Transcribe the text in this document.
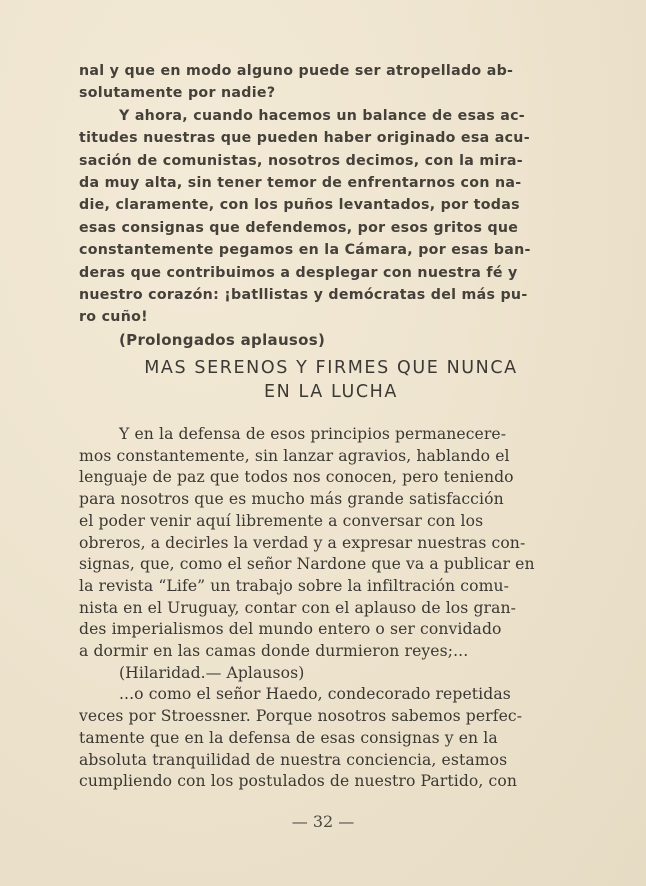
nal y que en modo alguno puede ser atropellado ab-
solutamente por nadie?
Y ahora, cuando hacemos un balance de esas ac-
titudes nuestras que pueden haber originado esa acu-
sación de comunistas, nosotros decimos, con la mira-
da muy alta, sin tener temor de enfrentarnos con na-
die, claramente, con los puños levantados, por todas
esas consignas que defendemos, por esos gritos que
constantemente pegamos en la Cámara, por esas ban-
deras que contribuimos a desplegar con nuestra fé y
nuestro corazón: ¡batllistas y demócratas del más pu-
ro cuño!
(Prolongados aplausos)
MAS SERENOS Y FIRMES QUE NUNCA
EN LA LUCHA
Y en la defensa de esos principios permanecere-
mos constantemente, sin lanzar agravios, hablando el
lenguaje de paz que todos nos conocen, pero teniendo
para nosotros que es mucho más grande satisfacción
el poder venir aquí libremente a conversar con los
obreros, a decirles la verdad y a expresar nuestras con-
signas, que, como el señor Nardone que va a publicar en
la revista “Life” un trabajo sobre la infiltración comu-
nista en el Uruguay, contar con el aplauso de los gran-
des imperialismos del mundo entero o ser convidado
a dormir en las camas donde durmieron reyes;...
(Hilaridad.— Aplausos)
...o como el señor Haedo, condecorado repetidas
veces por Stroessner. Porque nosotros sabemos perfec-
tamente que en la defensa de esas consignas y en la
absoluta tranquilidad de nuestra conciencia, estamos
cumpliendo con los postulados de nuestro Partido, con
— 32 —
